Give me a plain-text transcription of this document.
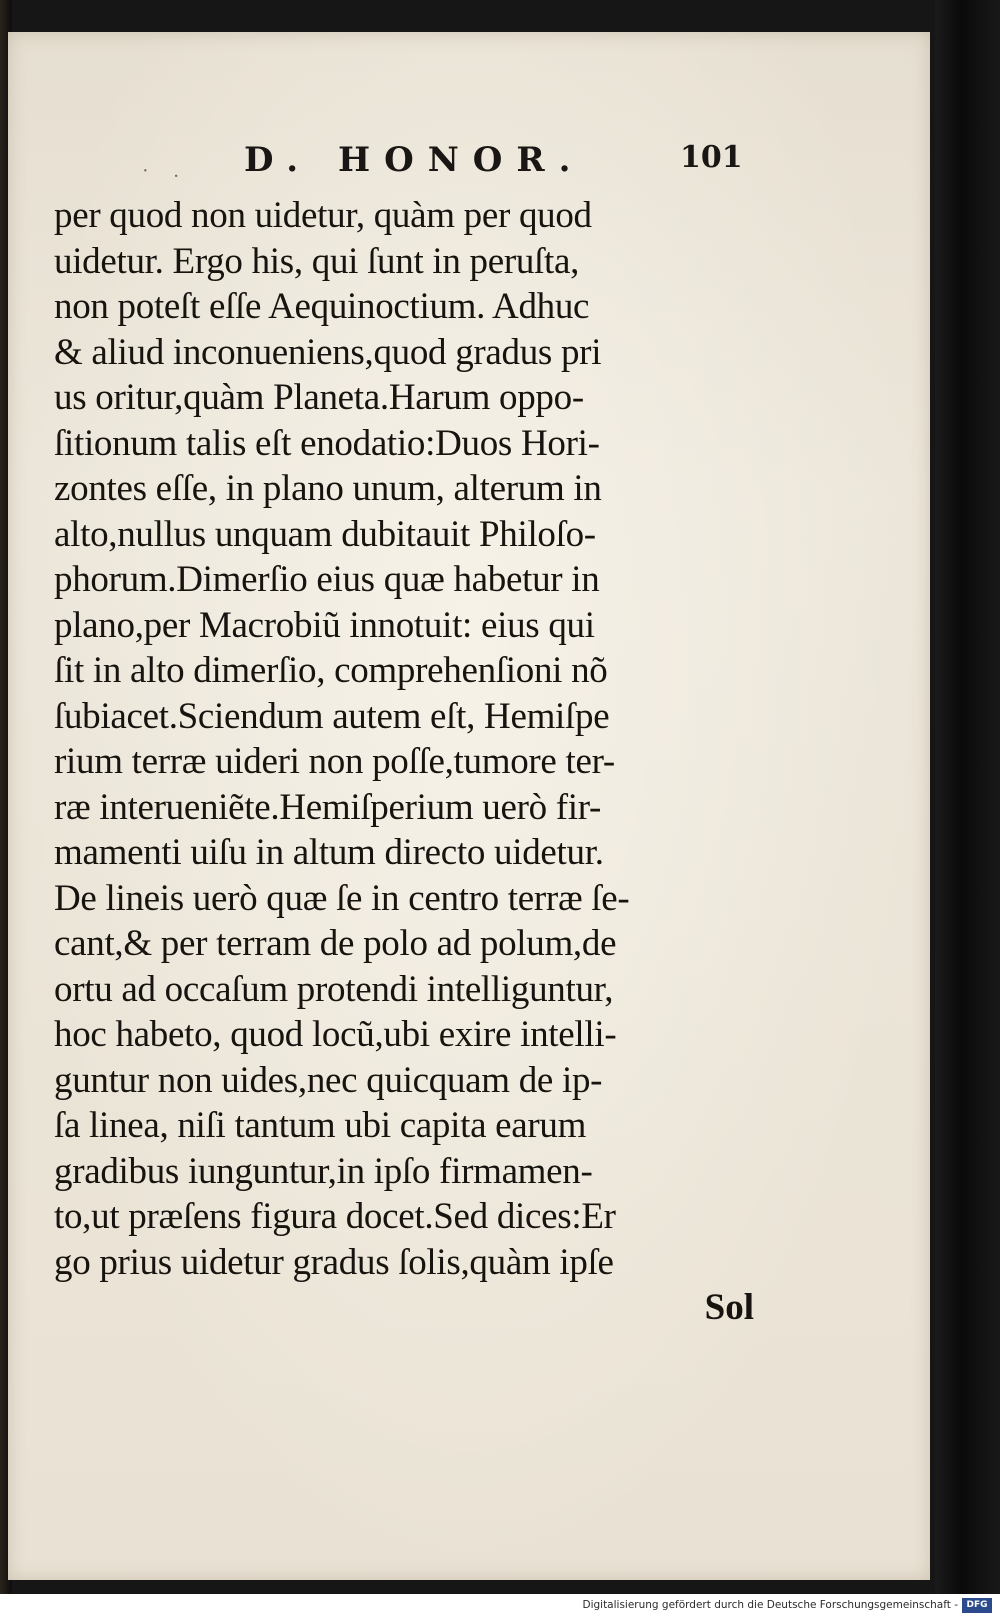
· . D. HONOR.	101
per quod non uidetur, quàm per quod
uidetur. Ergo his, qui ſunt in peruſta,
non poteſt eſſe Aequinoctium. Adhuc
& aliud inconueniens,quod gradus pri
us oritur,quàm Planeta.Harum oppo-
ſitionum talis eſt enodatio:Duos Hori-
zontes eſſe, in plano unum, alterum in
alto,nullus unquam dubitauit Philoſo-
phorum.Dimerſio eius quæ habetur in
plano,per Macrobiũ innotuit: eius qui
ſit in alto dimerſio, comprehenſioni nõ
ſubiacet.Sciendum autem eſt, Hemiſpe
rium terræ uideri non poſſe,tumore ter-
ræ interueniẽte.Hemiſperium uerò fir-
mamenti uiſu in altum directo uidetur.
De lineis uerò quæ ſe in centro terræ ſe-
cant,& per terram de polo ad polum,de
ortu ad occaſum protendi intelliguntur,
hoc habeto, quod locũ,ubi exire intelli-
guntur non uides,nec quicquam de ip-
ſa linea, niſi tantum ubi capita earum
gradibus iunguntur,in ipſo firmamen-
to,ut præſens figura docet.Sed dices:Er
go prius uidetur gradus ſolis,quàm ipſe
Sol
Digitalisierung gefördert durch die Deutsche Forschungsgemeinschaft - DFG
